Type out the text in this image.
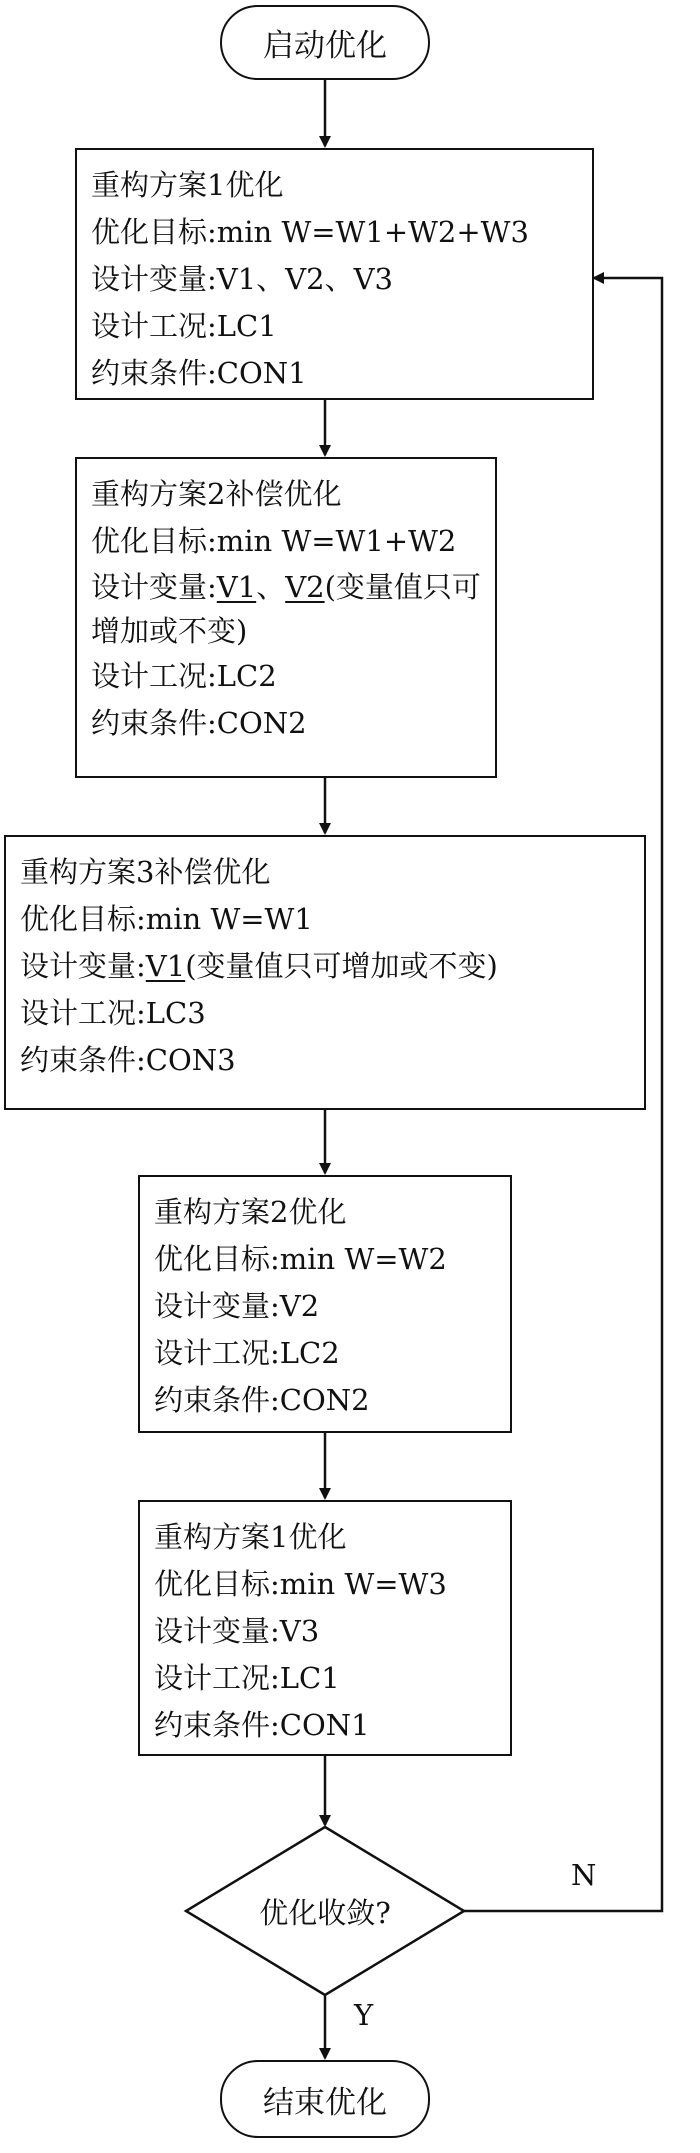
启动优化
重构方案1优化
优化目标:min W=W1+W2+W3
设计变量:V1、V2、V3
设计工况:LC1
约束条件:CON1
重构方案2补偿优化
优化目标:min W=W1+W2
设计变量:V1、V2(变量值只可增加或不变)
设计工况:LC2
约束条件:CON2
重构方案3补偿优化
优化目标:min W=W1
设计变量:V1(变量值只可增加或不变)
设计工况:LC3
约束条件:CON3
重构方案2优化
优化目标:min W=W2
设计变量:V2
设计工况:LC2
约束条件:CON2
重构方案1优化
优化目标:min W=W3
设计变量:V3
设计工况:LC1
约束条件:CON1
优化收敛?
N
Y
结束优化
